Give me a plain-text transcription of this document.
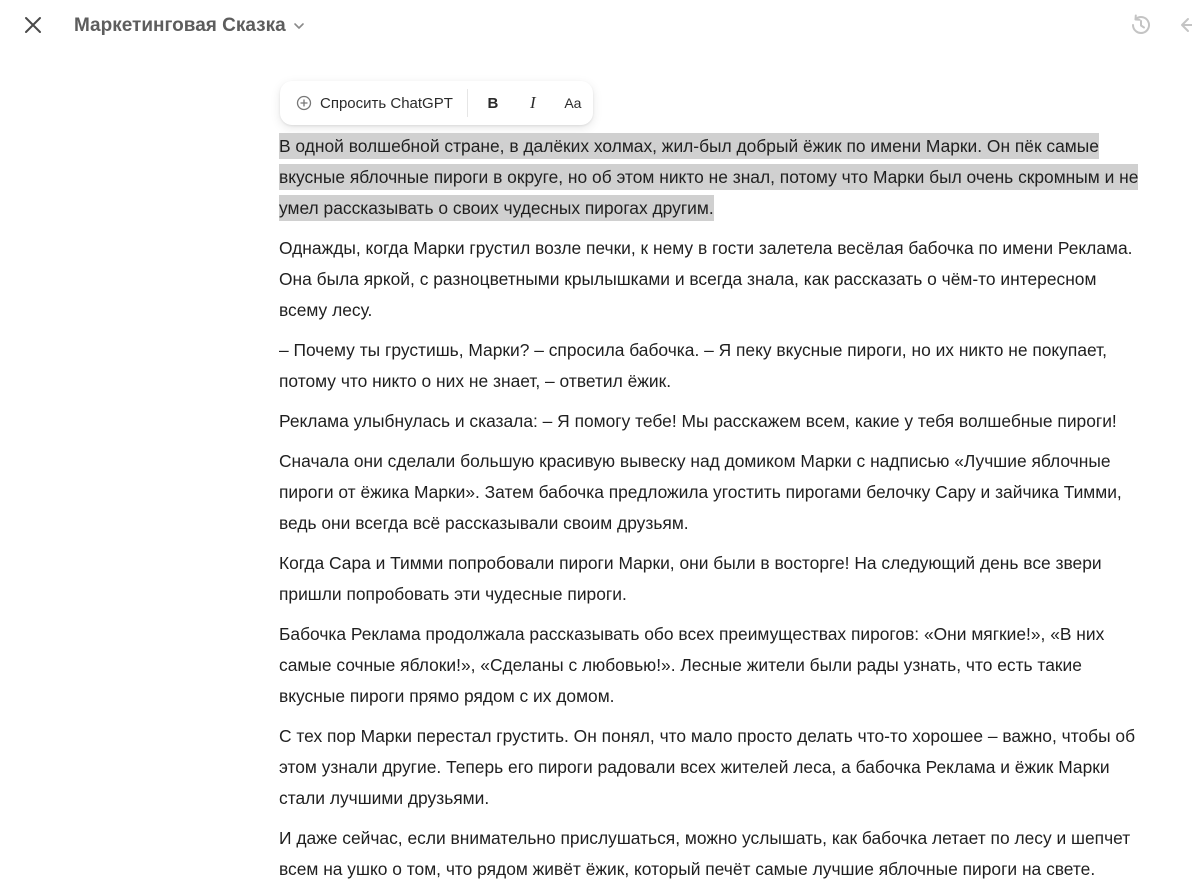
Маркетинговая Сказка
Спросить ChatGPT	B	I	Aa

В одной волшебной стране, в далёких холмах, жил-был добрый ёжик по имени Марки. Он пёк самые вкусные яблочные пироги в округе, но об этом никто не знал, потому что Марки был очень скромным и не умел рассказывать о своих чудесных пирогах другим.

Однажды, когда Марки грустил возле печки, к нему в гости залетела весёлая бабочка по имени Реклама. Она была яркой, с разноцветными крылышками и всегда знала, как рассказать о чём-то интересном всему лесу.

– Почему ты грустишь, Марки? – спросила бабочка. – Я пеку вкусные пироги, но их никто не покупает, потому что никто о них не знает, – ответил ёжик.

Реклама улыбнулась и сказала: – Я помогу тебе! Мы расскажем всем, какие у тебя волшебные пироги!

Сначала они сделали большую красивую вывеску над домиком Марки с надписью «Лучшие яблочные пироги от ёжика Марки». Затем бабочка предложила угостить пирогами белочку Сару и зайчика Тимми, ведь они всегда всё рассказывали своим друзьям.

Когда Сара и Тимми попробовали пироги Марки, они были в восторге! На следующий день все звери пришли попробовать эти чудесные пироги.

Бабочка Реклама продолжала рассказывать обо всех преимуществах пирогов: «Они мягкие!», «В них самые сочные яблоки!», «Сделаны с любовью!». Лесные жители были рады узнать, что есть такие вкусные пироги прямо рядом с их домом.

С тех пор Марки перестал грустить. Он понял, что мало просто делать что-то хорошее – важно, чтобы об этом узнали другие. Теперь его пироги радовали всех жителей леса, а бабочка Реклама и ёжик Марки стали лучшими друзьями.

И даже сейчас, если внимательно прислушаться, можно услышать, как бабочка летает по лесу и шепчет всем на ушко о том, что рядом живёт ёжик, который печёт самые лучшие яблочные пироги на свете.
